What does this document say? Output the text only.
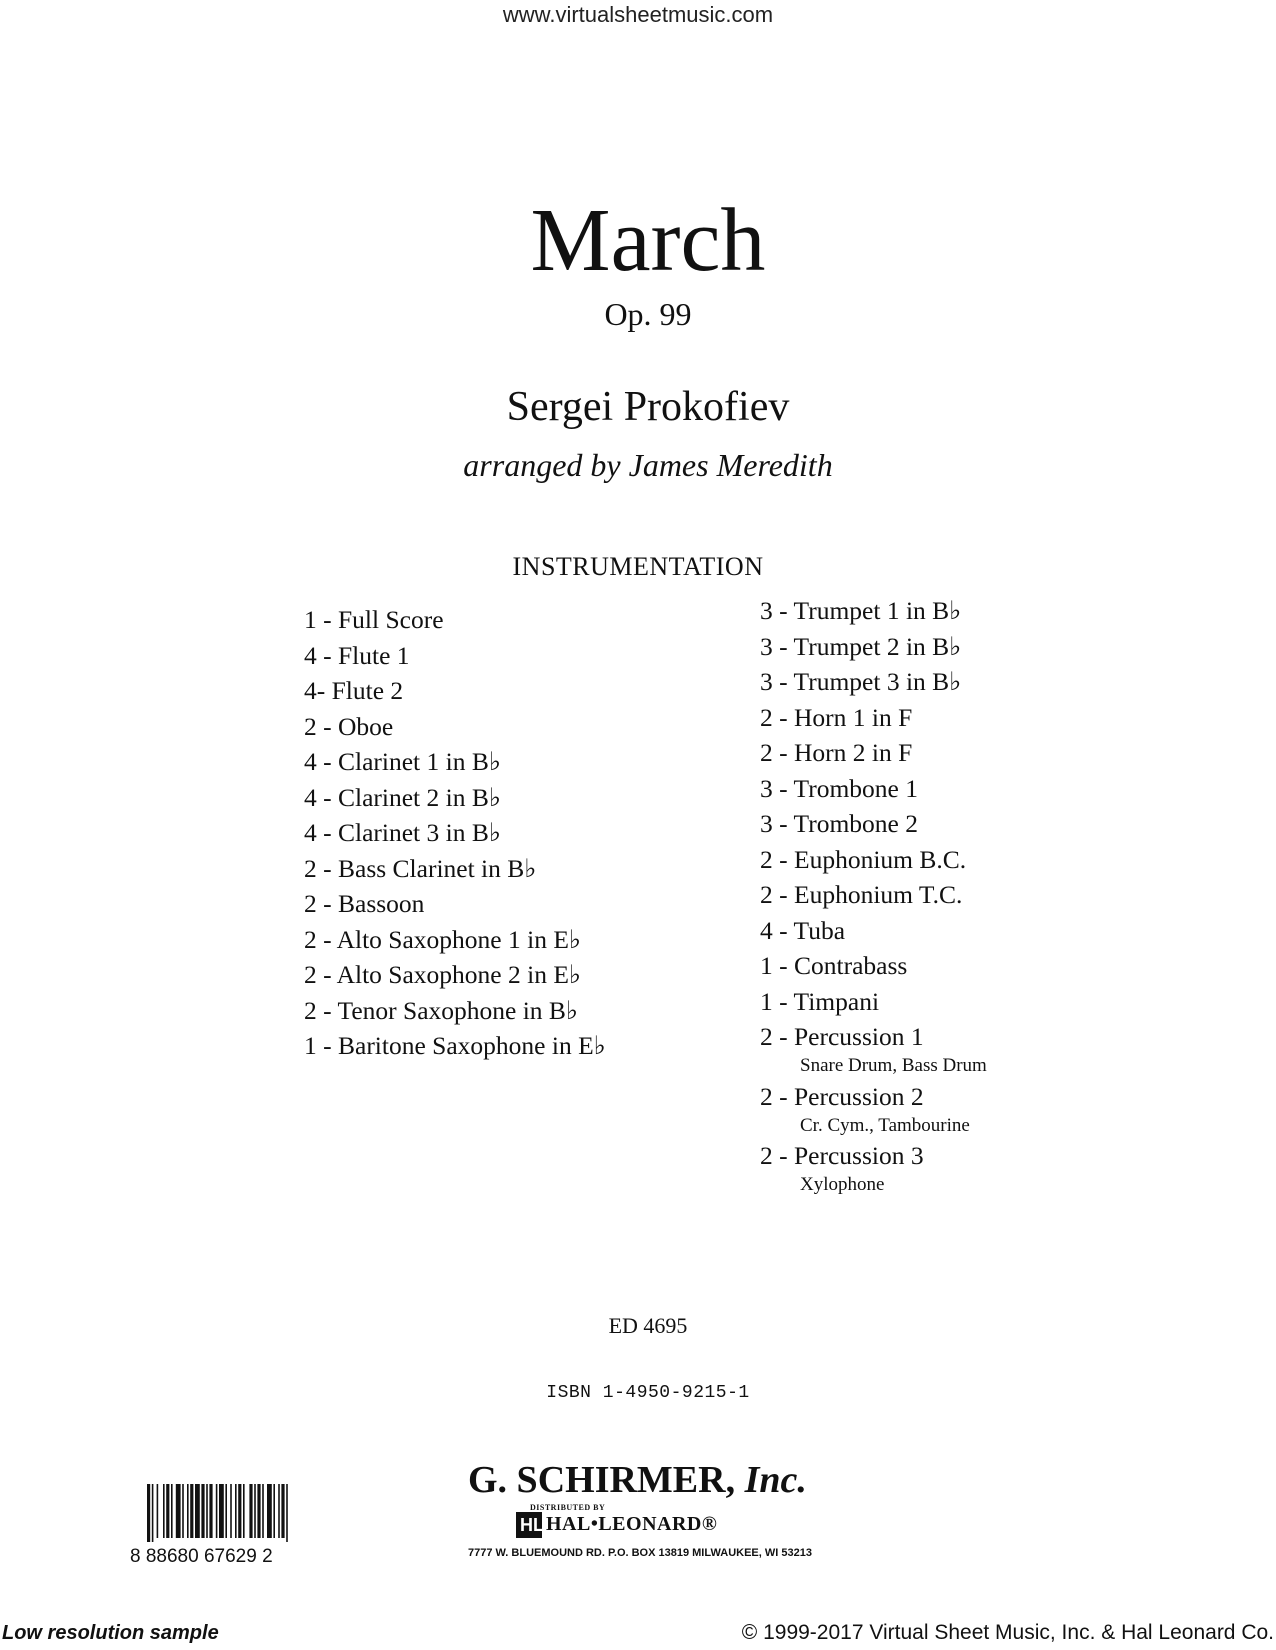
www.virtualsheetmusic.com
March
Op. 99
Sergei Prokofiev
arranged by James Meredith
INSTRUMENTATION
1 - Full Score
4 - Flute 1
4- Flute 2
2 - Oboe
4 - Clarinet 1 in B♭
4 - Clarinet 2 in B♭
4 - Clarinet 3 in B♭
2 - Bass Clarinet in B♭
2 - Bassoon
2 - Alto Saxophone 1 in E♭
2 - Alto Saxophone 2 in E♭
2 - Tenor Saxophone in B♭
1 - Baritone Saxophone in E♭
3 - Trumpet 1 in B♭
3 - Trumpet 2 in B♭
3 - Trumpet 3 in B♭
2 - Horn 1 in F
2 - Horn 2 in F
3 - Trombone 1
3 - Trombone 2
2 - Euphonium B.C.
2 - Euphonium T.C.
4 - Tuba
1 - Contrabass
1 - Timpani
2 - Percussion 1
Snare Drum, Bass Drum
2 - Percussion 2
Cr. Cym., Tambourine
2 - Percussion 3
Xylophone
ED 4695
ISBN 1-4950-9215-1
G. SCHIRMER, Inc.
DISTRIBUTED BY
HL HAL•LEONARD®
7777 W. BLUEMOUND RD. P.O. BOX 13819 MILWAUKEE, WI 53213
8 88680 67629 2
Low resolution sample	© 1999-2017 Virtual Sheet Music, Inc. & Hal Leonard Co.
